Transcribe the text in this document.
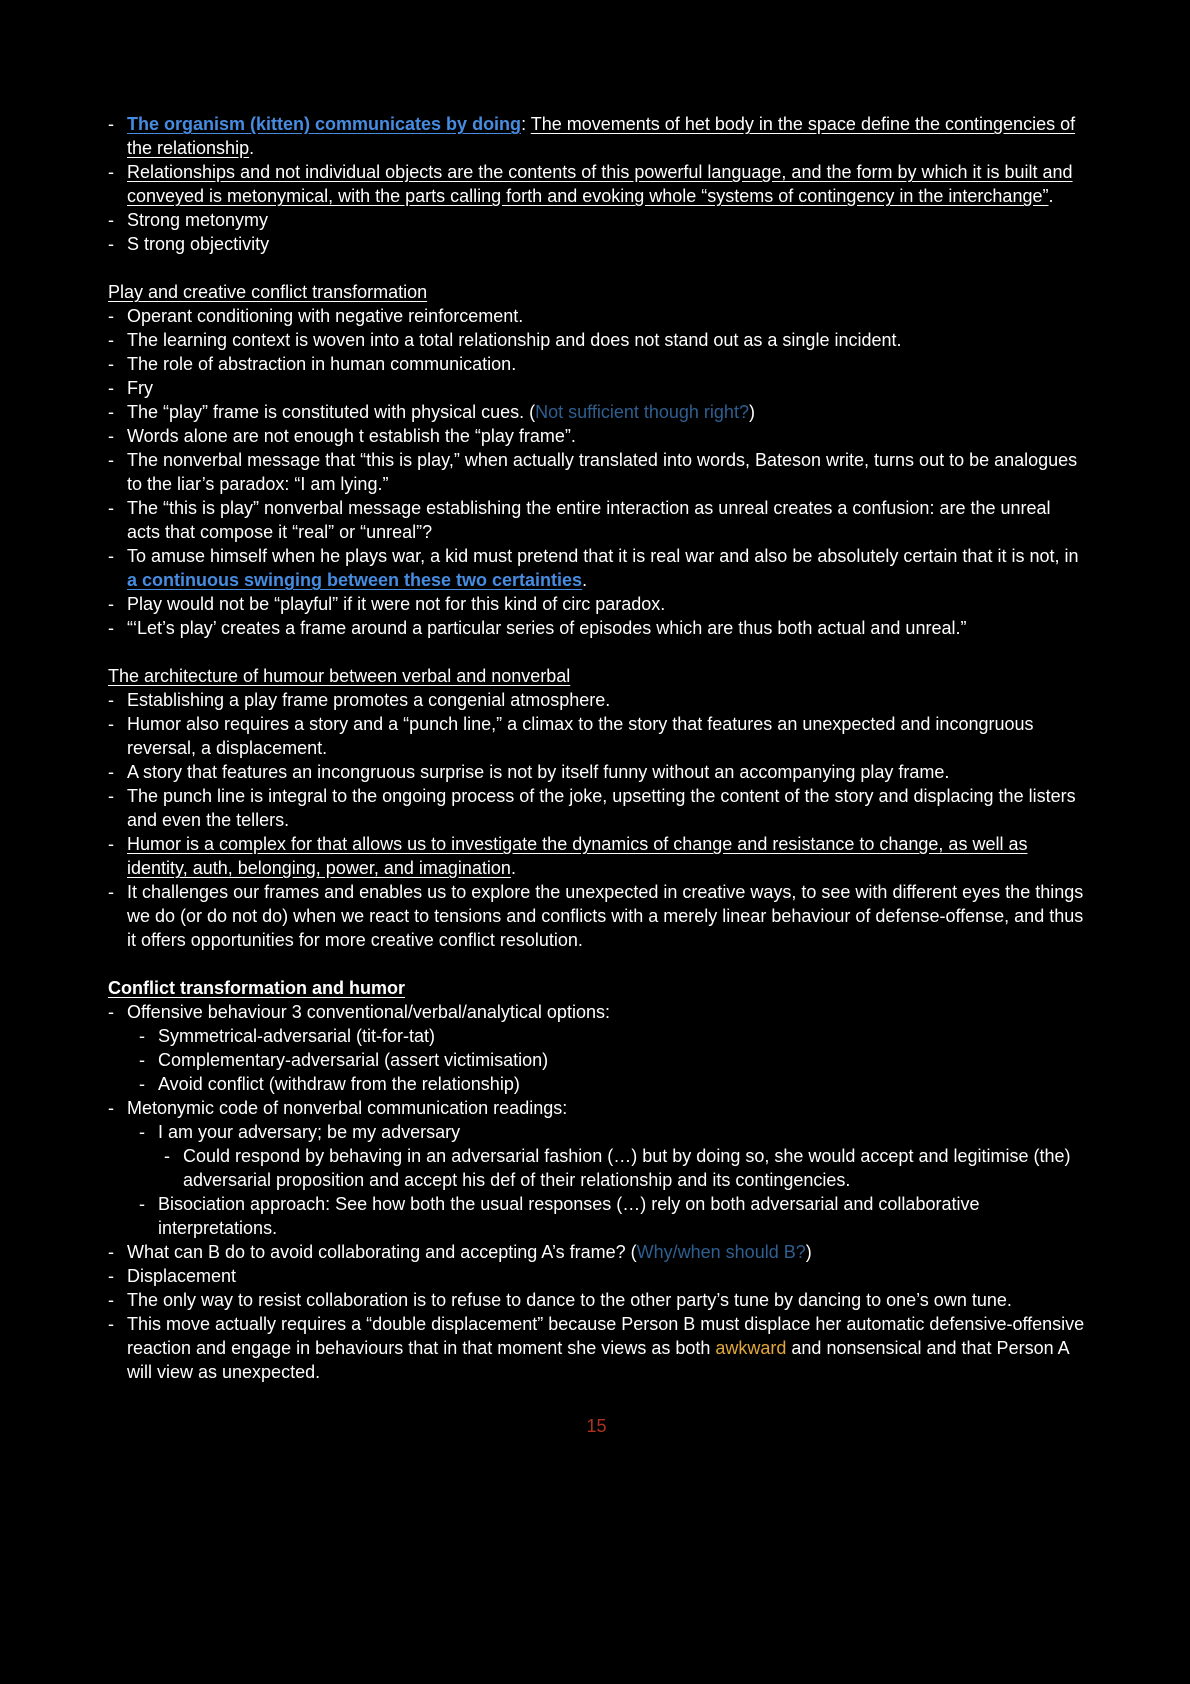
- The organism (kitten) communicates by doing: The movements of het body in the space define the contingencies of the relationship.
- Relationships and not individual objects are the contents of this powerful language, and the form by which it is built and conveyed is metonymical, with the parts calling forth and evoking whole “systems of contingency in the interchange”.
- Strong metonymy
- S trong objectivity
Play and creative conflict transformation
- Operant conditioning with negative reinforcement.
- The learning context is woven into a total relationship and does not stand out as a single incident.
- The role of abstraction in human communication.
- Fry
- The “play” frame is constituted with physical cues. (Not sufficient though right?)
- Words alone are not enough t establish the “play frame”.
- The nonverbal message that “this is play,” when actually translated into words, Bateson write, turns out to be analogues to the liar’s paradox: “I am lying.”
- The “this is play” nonverbal message establishing the entire interaction as unreal creates a confusion: are the unreal acts that compose it “real” or “unreal”?
- To amuse himself when he plays war, a kid must pretend that it is real war and also be absolutely certain that it is not, in a continuous swinging between these two certainties.
- Play would not be “playful” if it were not for this kind of circ paradox.
- “‘Let’s play’ creates a frame around a particular series of episodes which are thus both actual and unreal.”
The architecture of humour between verbal and nonverbal
- Establishing a play frame promotes a congenial atmosphere.
- Humor also requires a story and a “punch line,” a climax to the story that features an unexpected and incongruous reversal, a displacement.
- A story that features an incongruous surprise is not by itself funny without an accompanying play frame.
- The punch line is integral to the ongoing process of the joke, upsetting the content of the story and displacing the listers and even the tellers.
- Humor is a complex for that allows us to investigate the dynamics of change and resistance to change, as well as identity, auth, belonging, power, and imagination.
- It challenges our frames and enables us to explore the unexpected in creative ways, to see with different eyes the things we do (or do not do) when we react to tensions and conflicts with a merely linear behaviour of defense-offense, and thus it offers opportunities for more creative conflict resolution.
Conflict transformation and humor
- Offensive behaviour 3 conventional/verbal/analytical options:
- Symmetrical-adversarial (tit-for-tat)
- Complementary-adversarial (assert victimisation)
- Avoid conflict (withdraw from the relationship)
- Metonymic code of nonverbal communication readings:
- I am your adversary; be my adversary
- Could respond by behaving in an adversarial fashion (…) but by doing so, she would accept and legitimise (the) adversarial proposition and accept his def of their relationship and its contingencies.
- Bisociation approach: See how both the usual responses (…) rely on both adversarial and collaborative interpretations.
- What can B do to avoid collaborating and accepting A’s frame? (Why/when should B?)
- Displacement
- The only way to resist collaboration is to refuse to dance to the other party’s tune by dancing to one’s own tune.
- This move actually requires a “double displacement” because Person B must displace her automatic defensive-offensive reaction and engage in behaviours that in that moment she views as both awkward and nonsensical and that Person A will view as unexpected.
15
